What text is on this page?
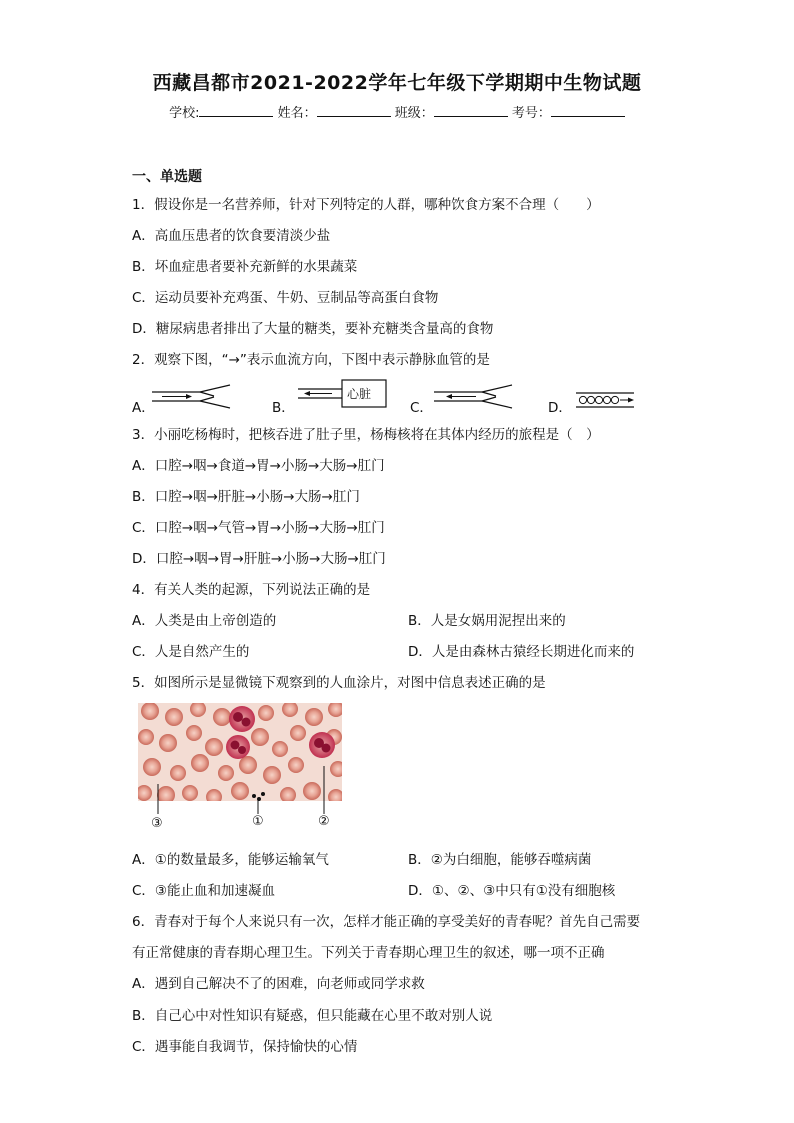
西藏昌都市2021-2022学年七年级下学期期中生物试题
学校:	姓名：	班级：	考号：
一、单选题
1．假设你是一名营养师，针对下列特定的人群，哪种饮食方案不合理（　　）
A．高血压患者的饮食要清淡少盐
B．坏血症患者要补充新鲜的水果蔬菜
C．运动员要补充鸡蛋、牛奶、豆制品等高蛋白食物
D．糖尿病患者排出了大量的糖类，要补充糖类含量高的食物
2．观察下图，“→”表示血流方向，下图中表示静脉血管的是
A．	B．
心脏
C．	D．
3．小丽吃杨梅时，把核吞进了肚子里，杨梅核将在其体内经历的旅程是（　）
A．口腔→咽→食道→胃→小肠→大肠→肛门
B．口腔→咽→肝脏→小肠→大肠→肛门
C．口腔→咽→气管→胃→小肠→大肠→肛门
D．口腔→咽→胃→肝脏→小肠→大肠→肛门
4．有关人类的起源，下列说法正确的是
A．人类是由上帝创造的	B．人是女娲用泥捏出来的
C．人是自然产生的	D．人是由森林古猿经长期进化而来的
5．如图所示是显微镜下观察到的人血涂片，对图中信息表述正确的是
③	①	②
A．①的数量最多，能够运输氧气	B．②为白细胞，能够吞噬病菌
C．③能止血和加速凝血	D．①、②、③中只有①没有细胞核
6．青春对于每个人来说只有一次，怎样才能正确的享受美好的青春呢？首先自己需要
有正常健康的青春期心理卫生。下列关于青春期心理卫生的叙述，哪一项不正确
A．遇到自己解决不了的困难，向老师或同学求救
B．自己心中对性知识有疑惑，但只能藏在心里不敢对别人说
C．遇事能自我调节，保持愉快的心情
